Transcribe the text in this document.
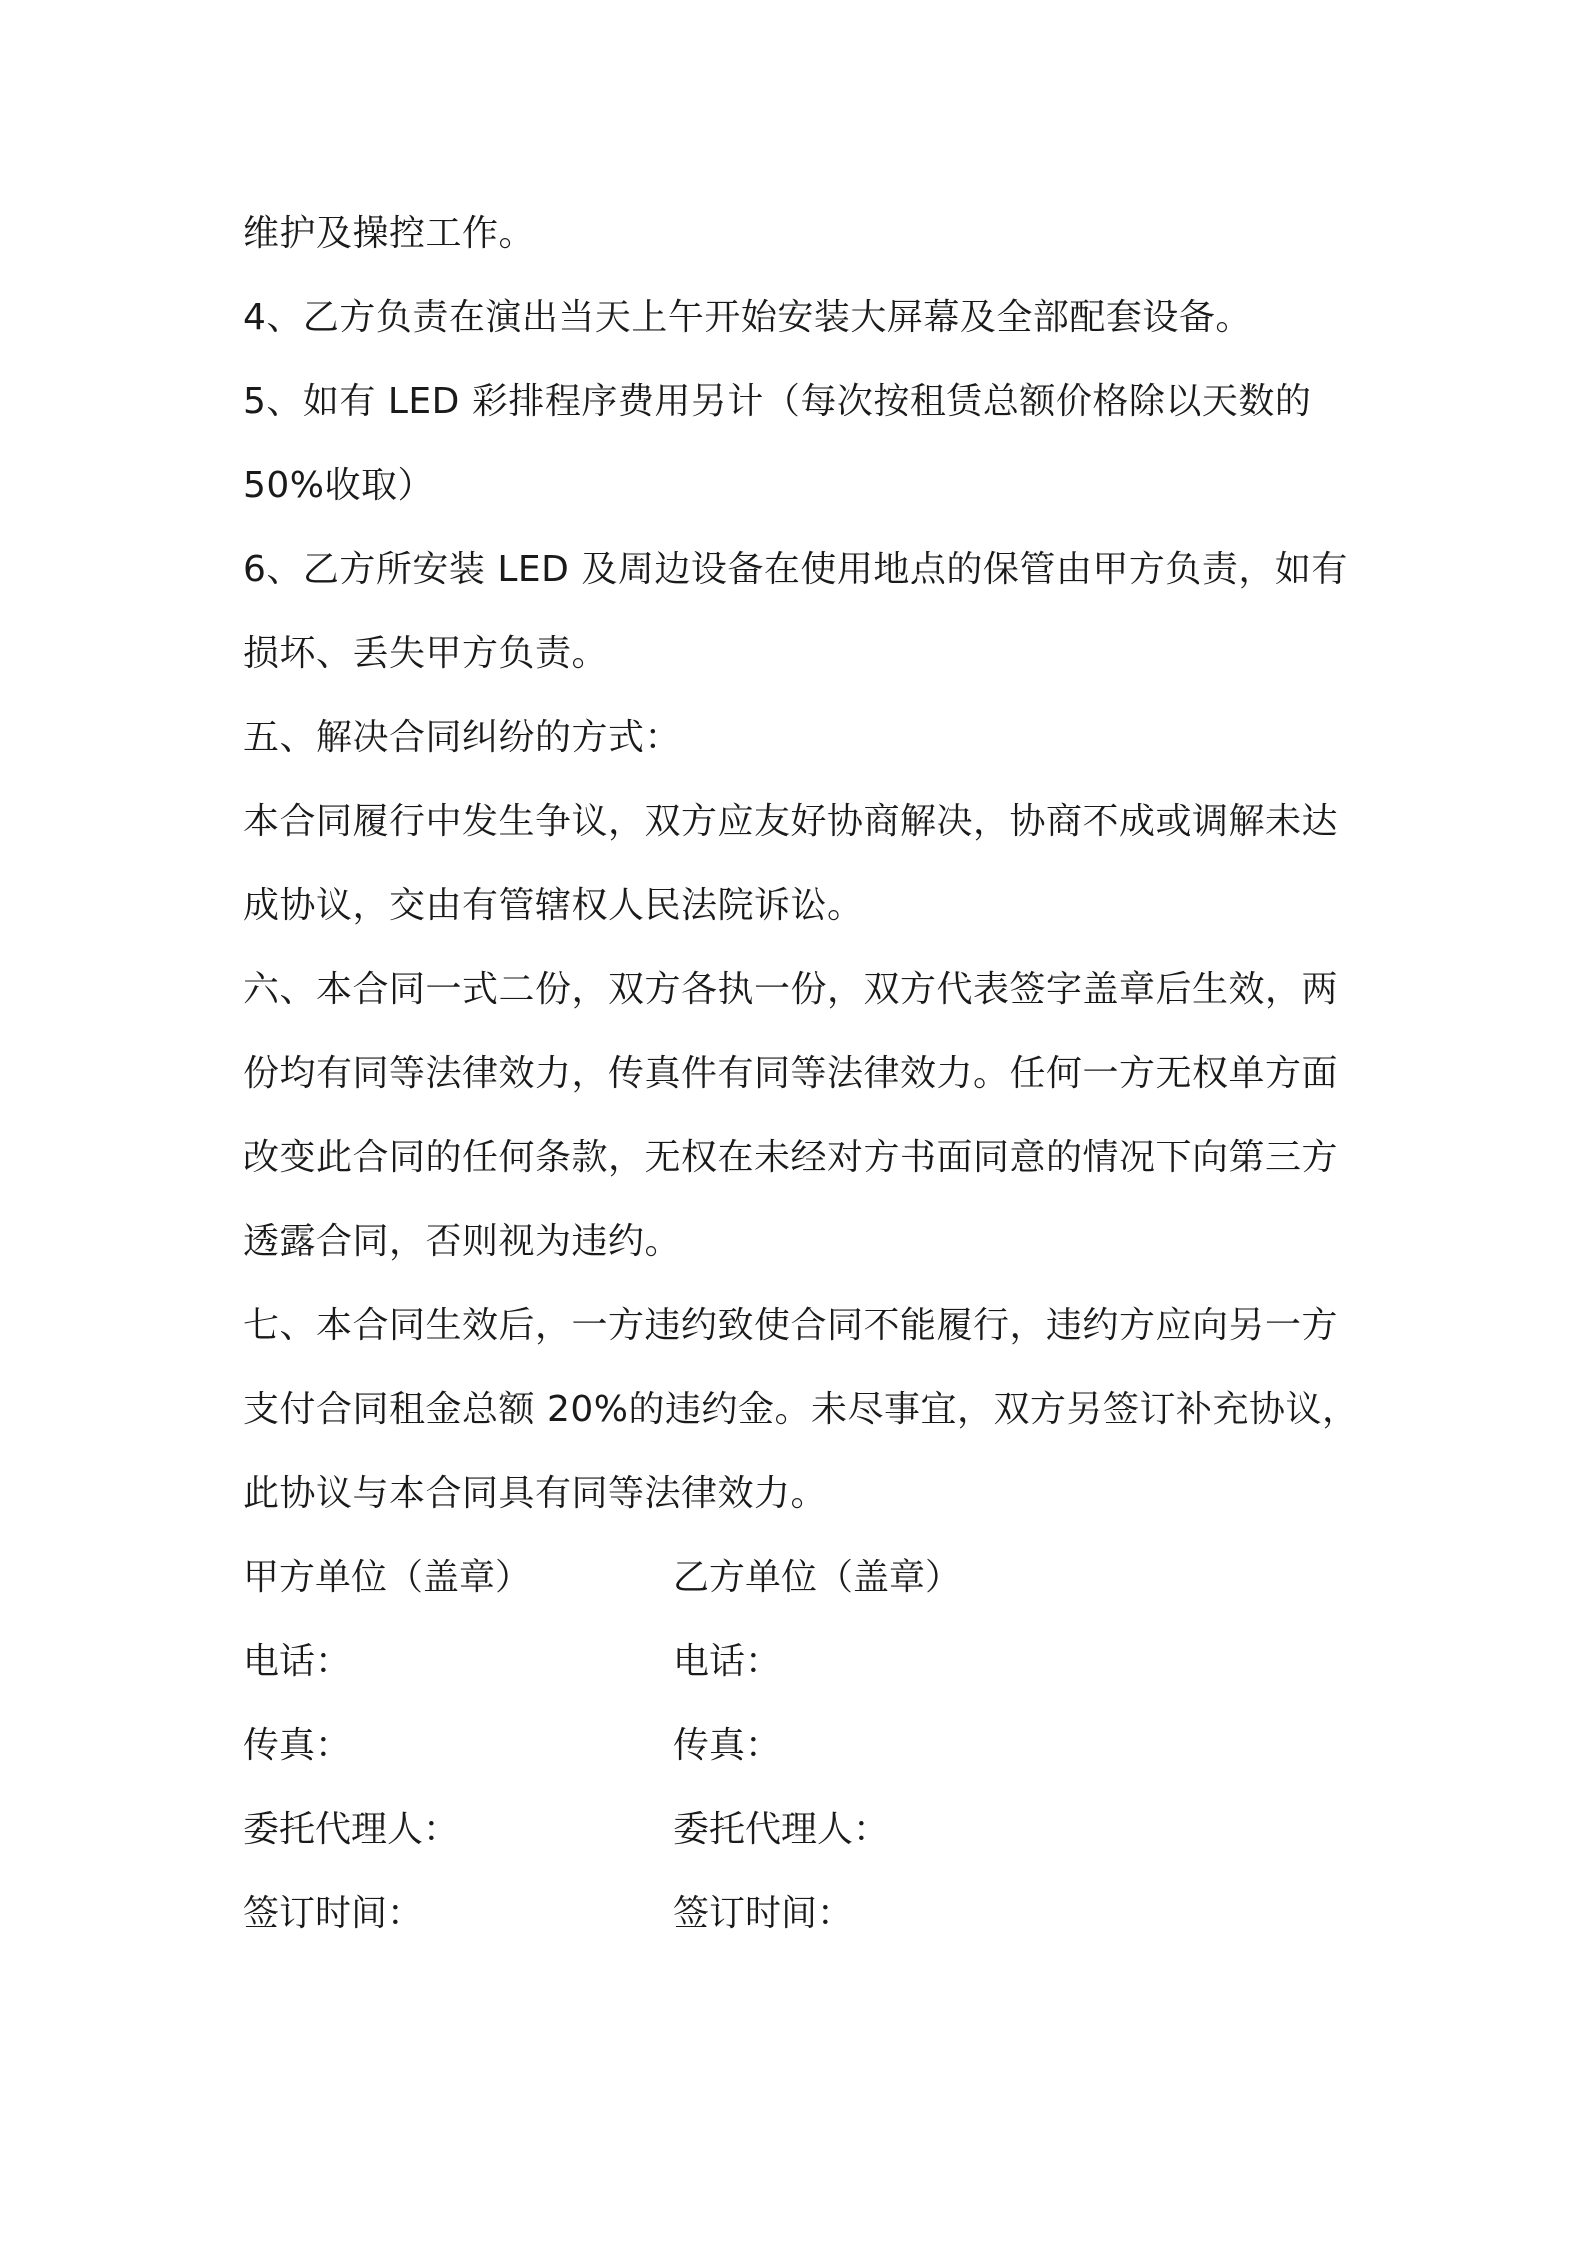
维护及操控工作。
4、乙方负责在演出当天上午开始安装大屏幕及全部配套设备。
5、如有 LED 彩排程序费用另计（每次按租赁总额价格除以天数的
50%收取）
6、乙方所安装 LED 及周边设备在使用地点的保管由甲方负责，如有
损坏、丢失甲方负责。
五、解决合同纠纷的方式：
本合同履行中发生争议，双方应友好协商解决，协商不成或调解未达
成协议，交由有管辖权人民法院诉讼。
六、本合同一式二份，双方各执一份，双方代表签字盖章后生效，两
份均有同等法律效力，传真件有同等法律效力。任何一方无权单方面
改变此合同的任何条款，无权在未经对方书面同意的情况下向第三方
透露合同，否则视为违约。
七、本合同生效后，一方违约致使合同不能履行，违约方应向另一方
支付合同租金总额 20%的违约金。未尽事宜，双方另签订补充协议，
此协议与本合同具有同等法律效力。
甲方单位（盖章）	乙方单位（盖章）
电话：	电话：
传真：	传真：
委托代理人：	委托代理人：
签订时间：	签订时间：
